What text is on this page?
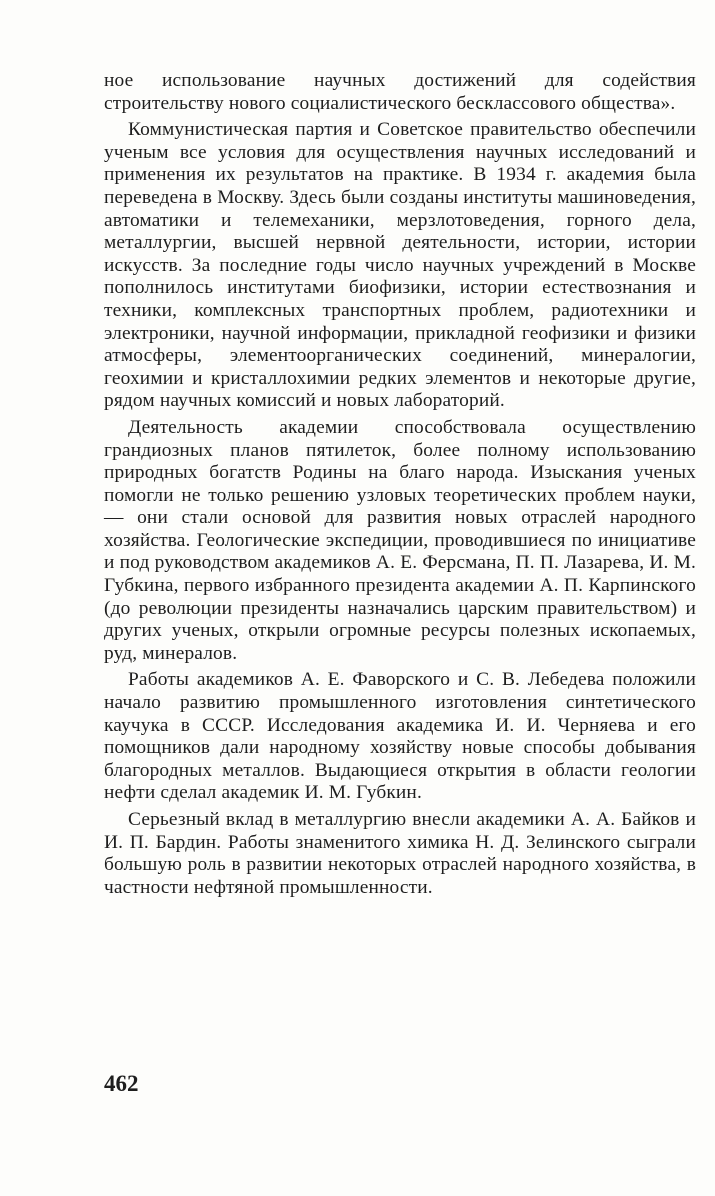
ное использование научных достижений для содействия строительству нового социалистического бесклассового общества».

Коммунистическая партия и Советское правительство обеспечили ученым все условия для осуществления научных исследований и применения их результатов на практике. В 1934 г. академия была переведена в Москву. Здесь были созданы институты машиноведения, автоматики и телемеханики, мерзлотоведения, горного дела, металлургии, высшей нервной деятельности, истории, истории искусств. За последние годы число научных учреждений в Москве пополнилось институтами биофизики, истории естествознания и техники, комплексных транспортных проблем, радиотехники и электроники, научной информации, прикладной геофизики и физики атмосферы, элементоорганических соединений, минералогии, геохимии и кристаллохимии редких элементов и некоторые другие, рядом научных комиссий и новых лабораторий.

Деятельность академии способствовала осуществлению грандиозных планов пятилеток, более полному использованию природных богатств Родины на благо народа. Изыскания ученых помогли не только решению узловых теоретических проблем науки, — они стали основой для развития новых отраслей народного хозяйства. Геологические экспедиции, проводившиеся по инициативе и под руководством академиков А. Е. Ферсмана, П. П. Лазарева, И. М. Губкина, первого избранного президента академии А. П. Карпинского (до революции президенты назначались царским правительством) и других ученых, открыли огромные ресурсы полезных ископаемых, руд, минералов.

Работы академиков А. Е. Фаворского и С. В. Лебедева положили начало развитию промышленного изготовления синтетического каучука в СССР. Исследования академика И. И. Черняева и его помощников дали народному хозяйству новые способы добывания благородных металлов. Выдающиеся открытия в области геологии нефти сделал академик И. М. Губкин.

Серьезный вклад в металлургию внесли академики А. А. Байков и И. П. Бардин. Работы знаменитого химика Н. Д. Зелинского сыграли большую роль в развитии некоторых отраслей народного хозяйства, в частности нефтяной промышленности.

462
